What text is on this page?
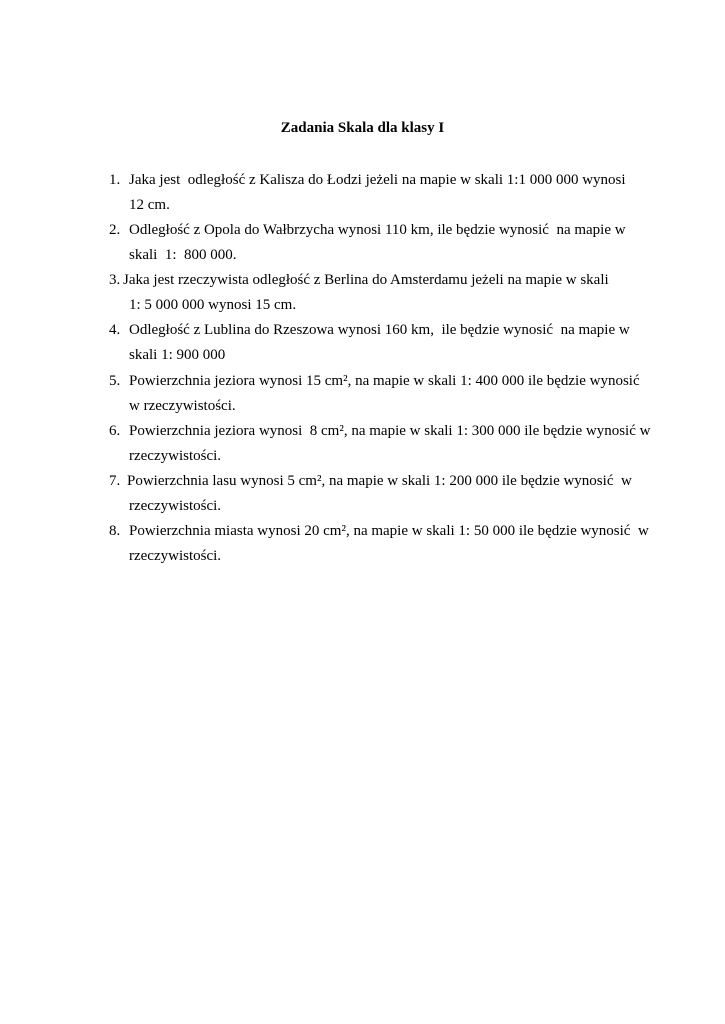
Zadania Skala dla klasy I
1. Jaka jest  odległość z Kalisza do Łodzi jeżeli na mapie w skali 1:1 000 000 wynosi
12 cm.
2. Odległość z Opola do Wałbrzycha wynosi 110 km, ile będzie wynosić  na mapie w
skali  1:  800 000.
3. Jaka jest rzeczywista odległość z Berlina do Amsterdamu jeżeli na mapie w skali
1: 5 000 000 wynosi 15 cm.
4. Odległość z Lublina do Rzeszowa wynosi 160 km,  ile będzie wynosić  na mapie w
skali 1: 900 000
5. Powierzchnia jeziora wynosi 15 cm², na mapie w skali 1: 400 000 ile będzie wynosić
w rzeczywistości.
6. Powierzchnia jeziora wynosi  8 cm², na mapie w skali 1: 300 000 ile będzie wynosić w
rzeczywistości.
7. Powierzchnia lasu wynosi 5 cm², na mapie w skali 1: 200 000 ile będzie wynosić  w
rzeczywistości.
8. Powierzchnia miasta wynosi 20 cm², na mapie w skali 1: 50 000 ile będzie wynosić  w
rzeczywistości.
